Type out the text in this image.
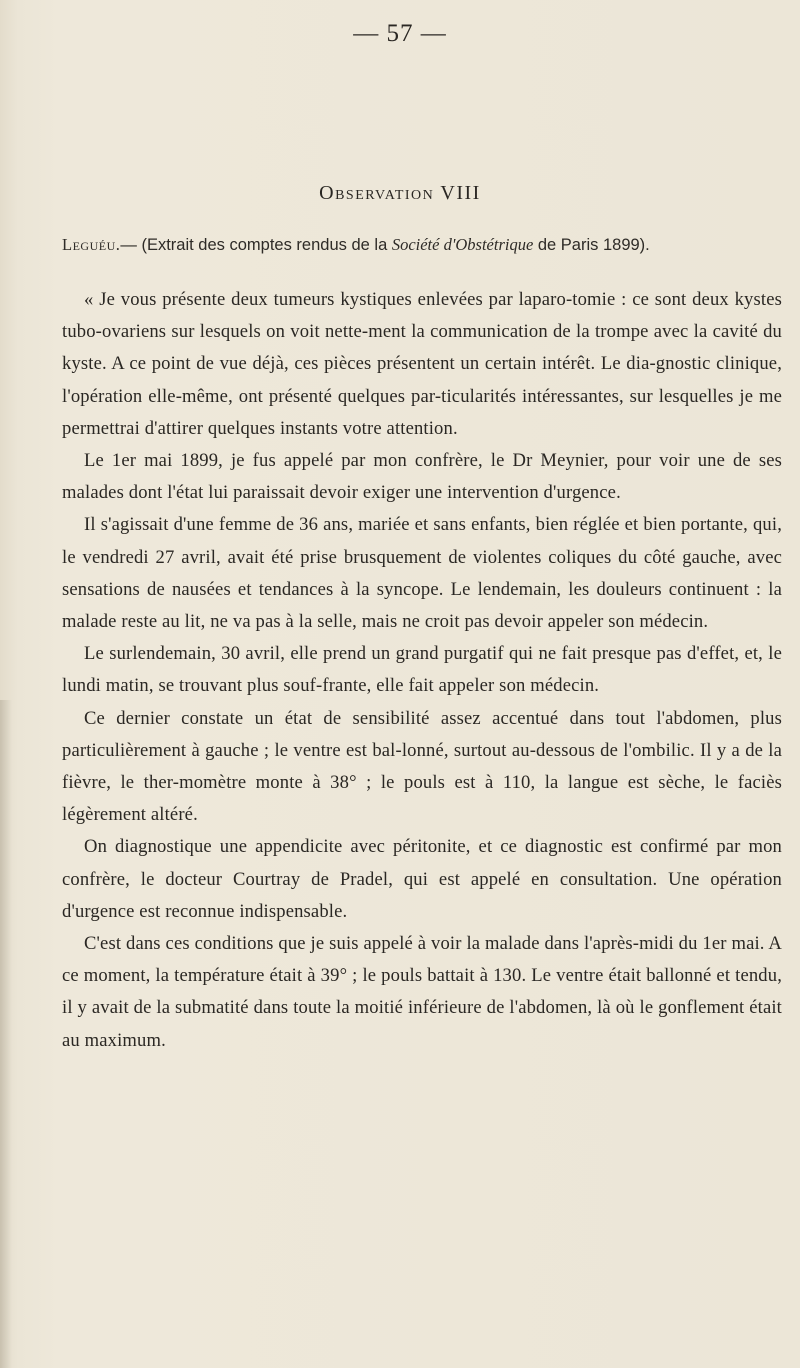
— 57 —
Observation VIII
Leguéu.— (Extrait des comptes rendus de la Société d'Obstétrique de Paris 1899).

« Je vous présente deux tumeurs kystiques enlevées par laparo-tomie : ce sont deux kystes tubo-ovariens sur lesquels on voit nette-ment la communication de la trompe avec la cavité du kyste. A ce point de vue déjà, ces pièces présentent un certain intérêt. Le dia-gnostic clinique, l'opération elle-même, ont présenté quelques par-ticularités intéressantes, sur lesquelles je me permettrai d'attirer quelques instants votre attention.

Le 1er mai 1899, je fus appelé par mon confrère, le Dr Meynier, pour voir une de ses malades dont l'état lui paraissait devoir exiger une intervention d'urgence.

Il s'agissait d'une femme de 36 ans, mariée et sans enfants, bien réglée et bien portante, qui, le vendredi 27 avril, avait été prise brusquement de violentes coliques du côté gauche, avec sensations de nausées et tendances à la syncope. Le lendemain, les douleurs continuent : la malade reste au lit, ne va pas à la selle, mais ne croit pas devoir appeler son médecin.

Le surlendemain, 30 avril, elle prend un grand purgatif qui ne fait presque pas d'effet, et, le lundi matin, se trouvant plus souf-frante, elle fait appeler son médecin.

Ce dernier constate un état de sensibilité assez accentué dans tout l'abdomen, plus particulièrement à gauche ; le ventre est bal-lonné, surtout au-dessous de l'ombilic. Il y a de la fièvre, le ther-momètre monte à 38° ; le pouls est à 110, la langue est sèche, le faciès légèrement altéré.

On diagnostique une appendicite avec péritonite, et ce diagnostic est confirmé par mon confrère, le docteur Courtray de Pradel, qui est appelé en consultation. Une opération d'urgence est reconnue indispensable.

C'est dans ces conditions que je suis appelé à voir la malade dans l'après-midi du 1er mai. A ce moment, la température était à 39° ; le pouls battait à 130. Le ventre était ballonné et tendu, il y avait de la submatité dans toute la moitié inférieure de l'abdomen, là où le gonflement était au maximum.
